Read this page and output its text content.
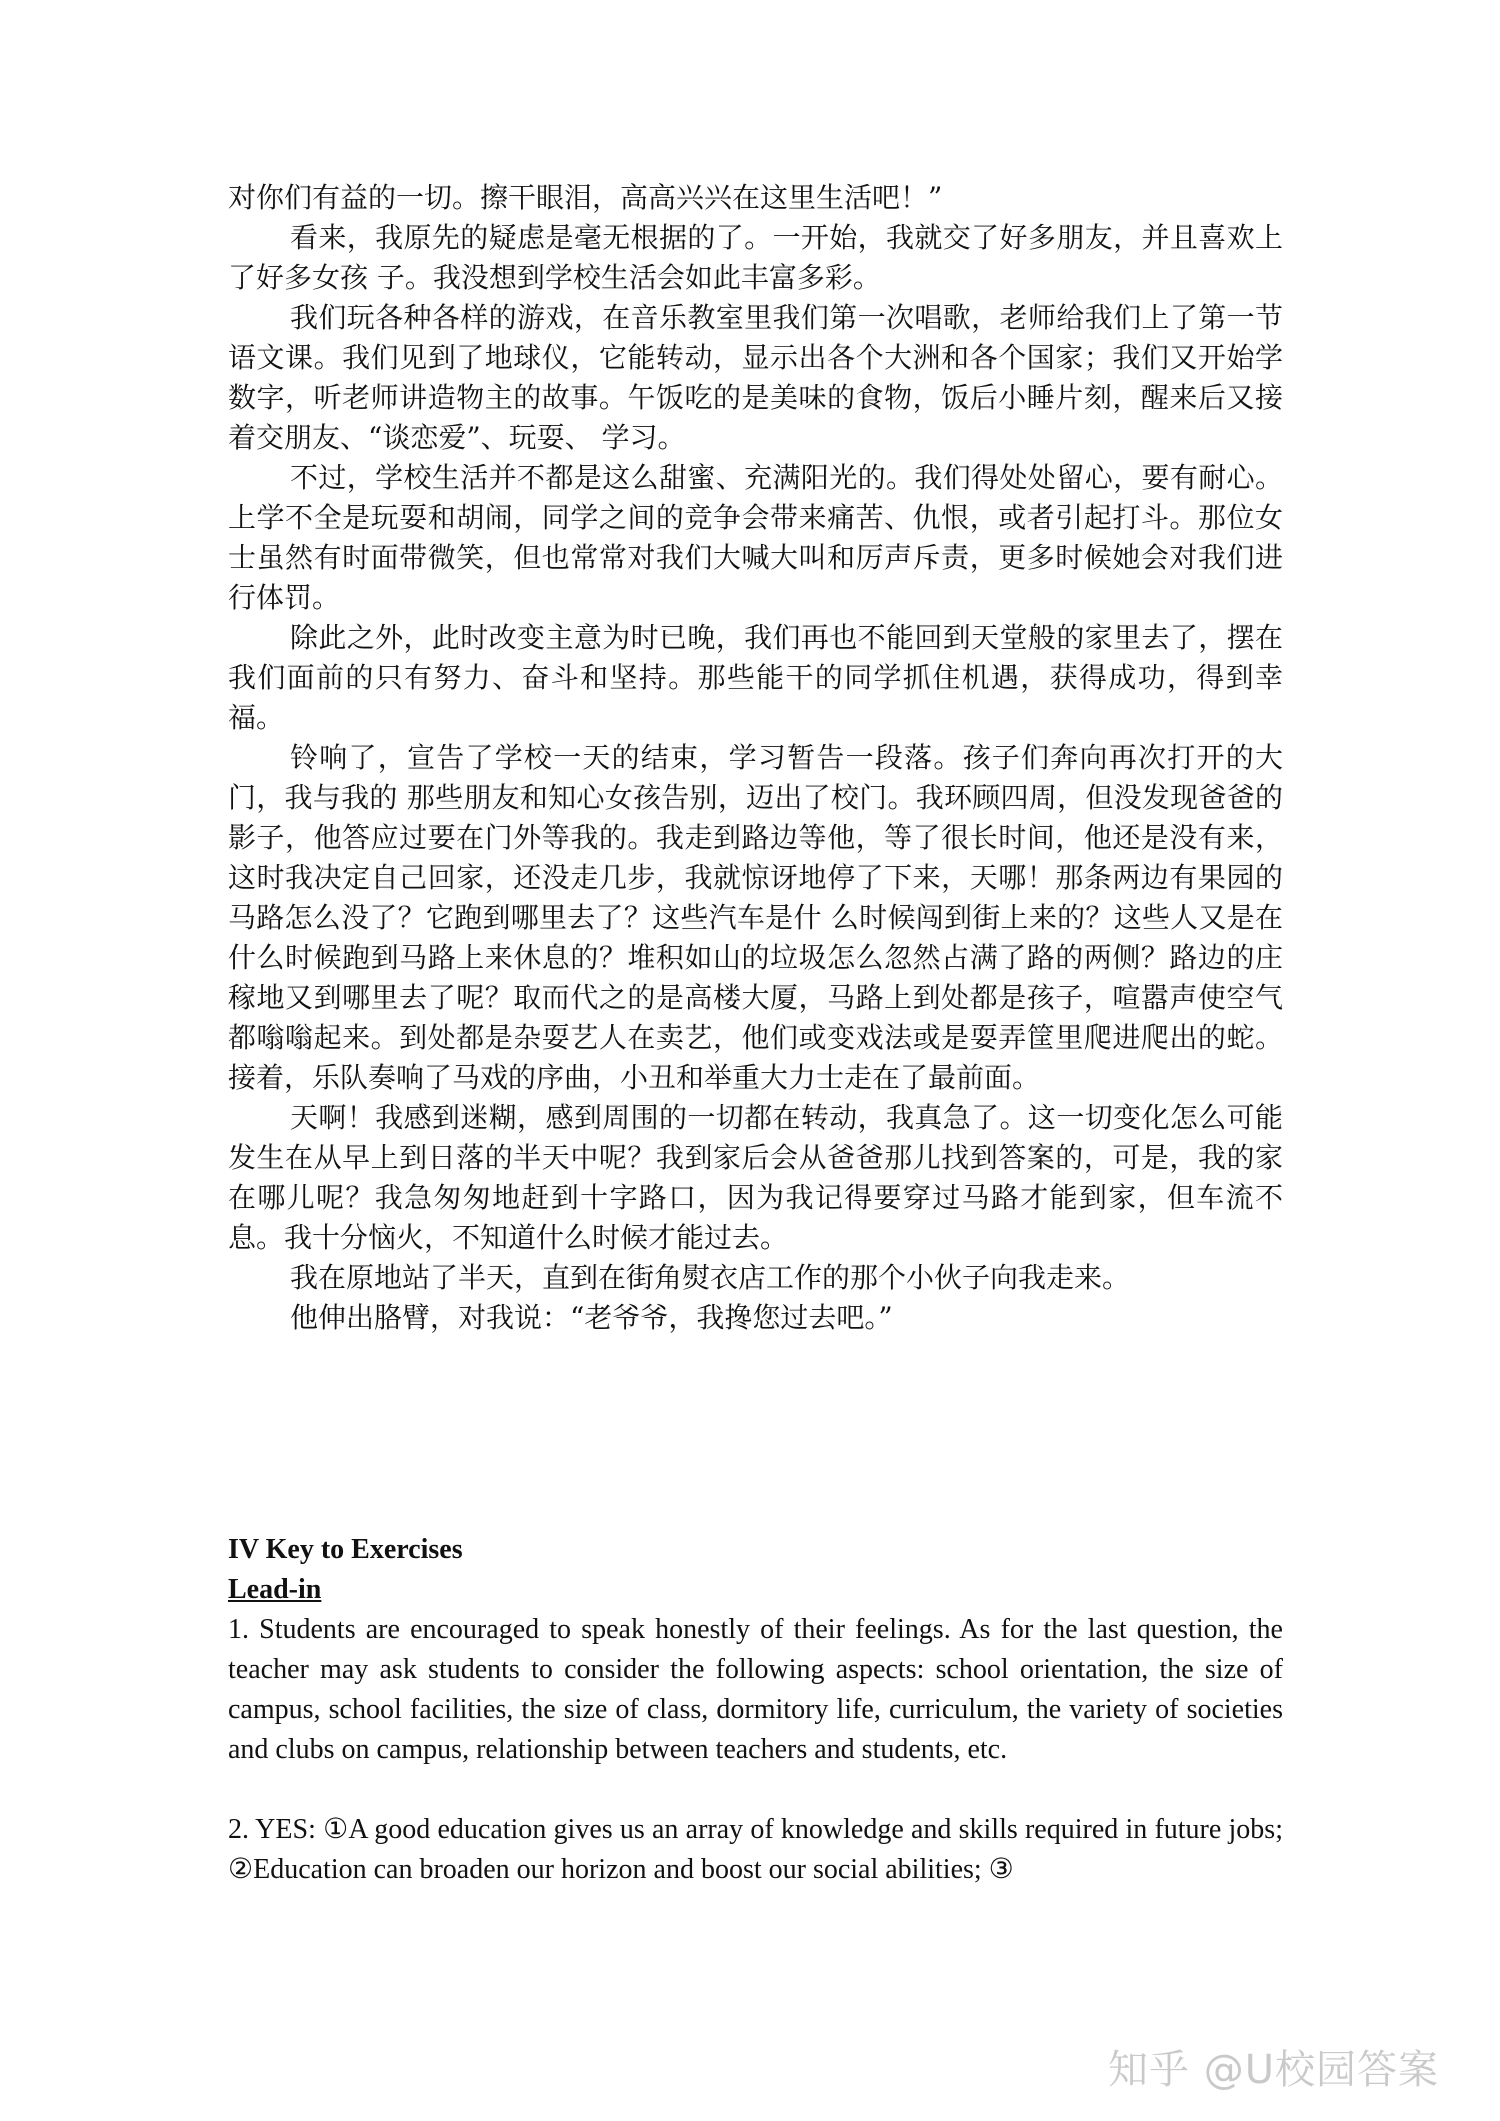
对你们有益的一切。擦干眼泪，高高兴兴在这里生活吧！”

看来，我原先的疑虑是毫无根据的了。一开始，我就交了好多朋友，并且喜欢上了好多女孩 子。我没想到学校生活会如此丰富多彩。

我们玩各种各样的游戏，在音乐教室里我们第一次唱歌，老师给我们上了第一节语文课。我们见到了地球仪，它能转动，显示出各个大洲和各个国家；我们又开始学数字，听老师讲造物主的故事。午饭吃的是美味的食物，饭后小睡片刻，醒来后又接着交朋友、“谈恋爱”、玩耍、 学习。

不过，学校生活并不都是这么甜蜜、充满阳光的。我们得处处留心，要有耐心。上学不全是玩耍和胡闹，同学之间的竞争会带来痛苦、仇恨，或者引起打斗。那位女士虽然有时面带微笑，但也常常对我们大喊大叫和厉声斥责，更多时候她会对我们进行体罚。

除此之外，此时改变主意为时已晚，我们再也不能回到天堂般的家里去了，摆在我们面前的只有努力、奋斗和坚持。那些能干的同学抓住机遇，获得成功，得到幸福。

铃响了，宣告了学校一天的结束，学习暂告一段落。孩子们奔向再次打开的大门，我与我的 那些朋友和知心女孩告别，迈出了校门。我环顾四周，但没发现爸爸的影子，他答应过要在门外等我的。我走到路边等他，等了很长时间，他还是没有来，这时我决定自己回家，还没走几步，我就惊讶地停了下来，天哪！那条两边有果园的马路怎么没了？它跑到哪里去了？这些汽车是什 么时候闯到街上来的？这些人又是在什么时候跑到马路上来休息的？堆积如山的垃圾怎么忽然占满了路的两侧？路边的庄稼地又到哪里去了呢？取而代之的是高楼大厦，马路上到处都是孩子，喧嚣声使空气都嗡嗡起来。到处都是杂耍艺人在卖艺，他们或变戏法或是耍弄筐里爬进爬出的蛇。接着，乐队奏响了马戏的序曲，小丑和举重大力士走在了最前面。

天啊！我感到迷糊，感到周围的一切都在转动，我真急了。这一切变化怎么可能发生在从早上到日落的半天中呢？我到家后会从爸爸那儿找到答案的，可是，我的家在哪儿呢？我急匆匆地赶到十字路口，因为我记得要穿过马路才能到家，但车流不息。我十分恼火，不知道什么时候才能过去。

我在原地站了半天，直到在街角熨衣店工作的那个小伙子向我走来。

他伸出胳臂，对我说：“老爷爷，我搀您过去吧。”

IV Key to Exercises

Lead-in

1. Students are encouraged to speak honestly of their feelings. As for the last question, the teacher may ask students to consider the following aspects: school orientation, the size of campus, school facilities, the size of class, dormitory life, curriculum, the variety of societies and clubs on campus, relationship between teachers and students, etc.

2. YES: ①A good education gives us an array of knowledge and skills required in future jobs; ②Education can broaden our horizon and boost our social abilities; ③

知乎 @U校园答案
